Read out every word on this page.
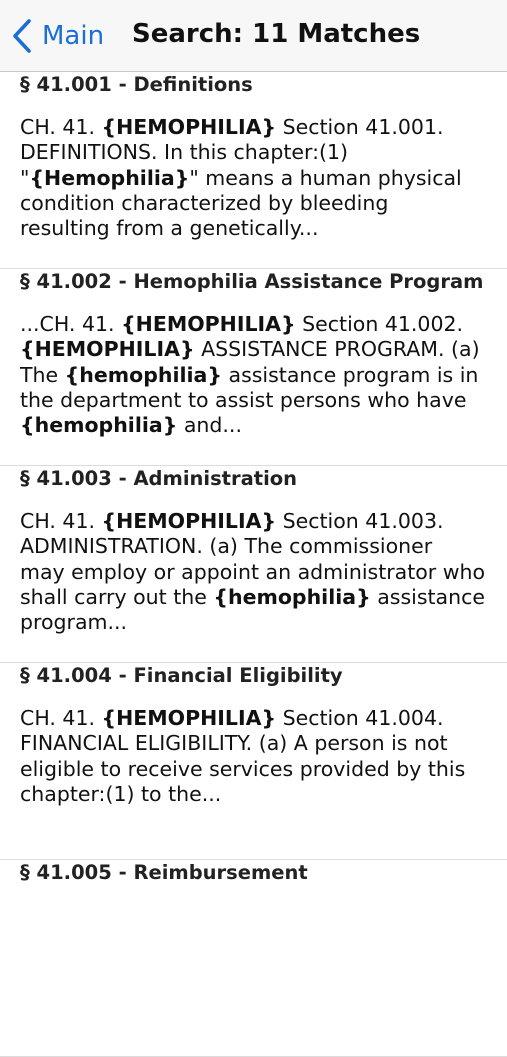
Main Search: 11 Matches
§ 41.001 - Definitions
CH. 41. {HEMOPHILIA} Section 41.001.
DEFINITIONS. In this chapter:(1)
"{Hemophilia}" means a human physical
condition characterized by bleeding
resulting from a genetically...
§ 41.002 - Hemophilia Assistance Program
...CH. 41. {HEMOPHILIA} Section 41.002.
{HEMOPHILIA} ASSISTANCE PROGRAM. (a)
The {hemophilia} assistance program is in
the department to assist persons who have
{hemophilia} and...
§ 41.003 - Administration
CH. 41. {HEMOPHILIA} Section 41.003.
ADMINISTRATION. (a) The commissioner
may employ or appoint an administrator who
shall carry out the {hemophilia} assistance
program...
§ 41.004 - Financial Eligibility
CH. 41. {HEMOPHILIA} Section 41.004.
FINANCIAL ELIGIBILITY. (a) A person is not
eligible to receive services provided by this
chapter:(1) to the...
§ 41.005 - Reimbursement
